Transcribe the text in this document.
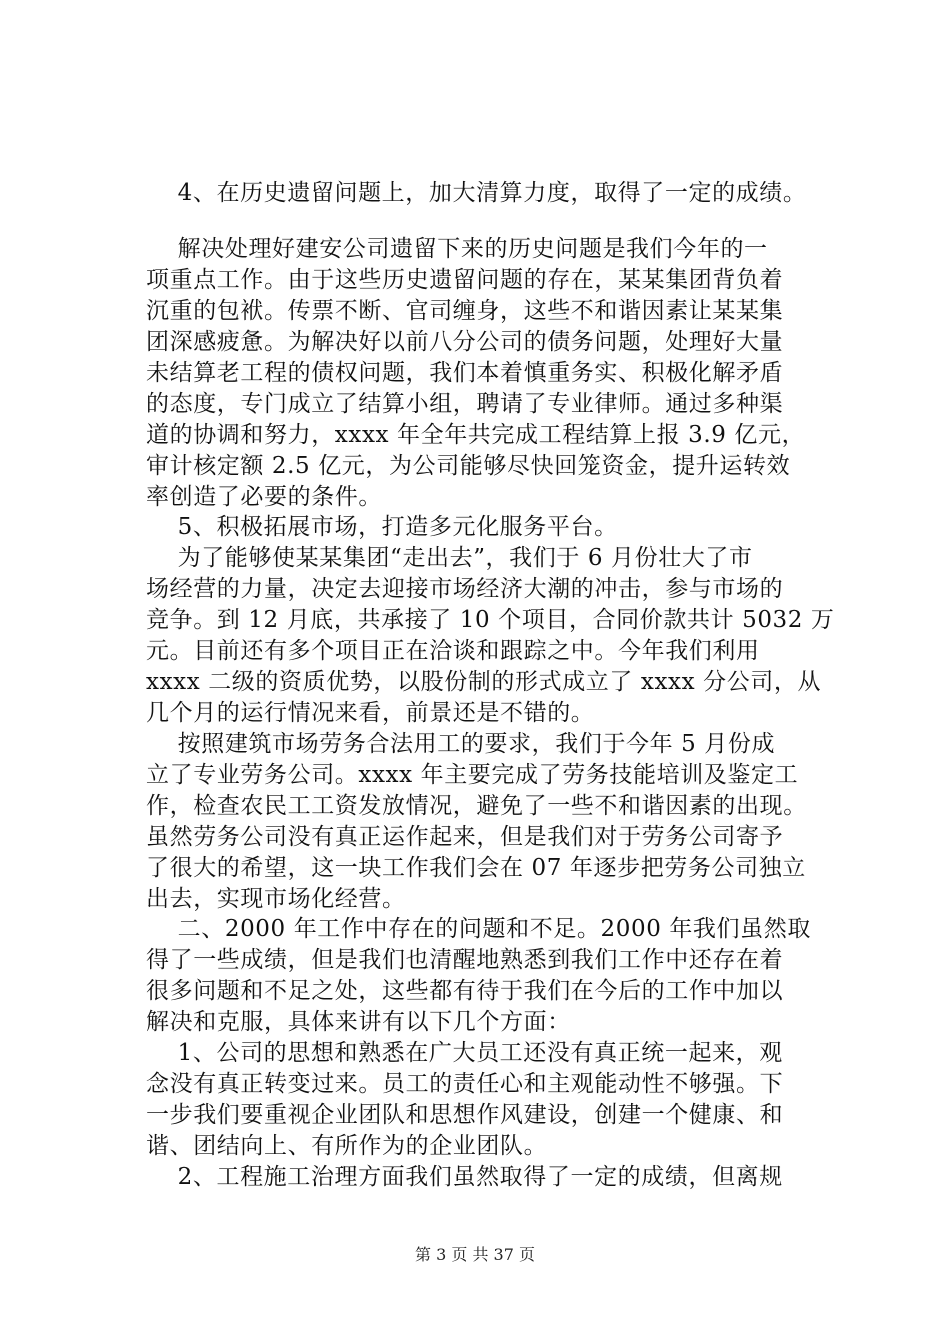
4、在历史遗留问题上，加大清算力度，取得了一定的成绩。
解决处理好建安公司遗留下来的历史问题是我们今年的一
项重点工作。由于这些历史遗留问题的存在，某某集团背负着
沉重的包袱。传票不断、官司缠身，这些不和谐因素让某某集
团深感疲惫。为解决好以前八分公司的债务问题，处理好大量
未结算老工程的债权问题，我们本着慎重务实、积极化解矛盾
的态度，专门成立了结算小组，聘请了专业律师。通过多种渠
道的协调和努力，xxxx 年全年共完成工程结算上报 3.9 亿元，
审计核定额 2.5 亿元，为公司能够尽快回笼资金，提升运转效
率创造了必要的条件。
5、积极拓展市场，打造多元化服务平台。
为了能够使某某集团“走出去”，我们于 6 月份壮大了市
场经营的力量，决定去迎接市场经济大潮的冲击，参与市场的
竞争。到 12 月底，共承接了 10 个项目，合同价款共计 5032 万
元。目前还有多个项目正在洽谈和跟踪之中。今年我们利用
xxxx 二级的资质优势，以股份制的形式成立了 xxxx 分公司，从
几个月的运行情况来看，前景还是不错的。
按照建筑市场劳务合法用工的要求，我们于今年 5 月份成
立了专业劳务公司。xxxx 年主要完成了劳务技能培训及鉴定工
作，检查农民工工资发放情况，避免了一些不和谐因素的出现。
虽然劳务公司没有真正运作起来，但是我们对于劳务公司寄予
了很大的希望，这一块工作我们会在 07 年逐步把劳务公司独立
出去，实现市场化经营。
二、2000 年工作中存在的问题和不足。2000 年我们虽然取
得了一些成绩，但是我们也清醒地熟悉到我们工作中还存在着
很多问题和不足之处，这些都有待于我们在今后的工作中加以
解决和克服，具体来讲有以下几个方面：
1、公司的思想和熟悉在广大员工还没有真正统一起来，观
念没有真正转变过来。员工的责任心和主观能动性不够强。下
一步我们要重视企业团队和思想作风建设，创建一个健康、和
谐、团结向上、有所作为的企业团队。
2、工程施工治理方面我们虽然取得了一定的成绩，但离规
第 3 页 共 37 页
